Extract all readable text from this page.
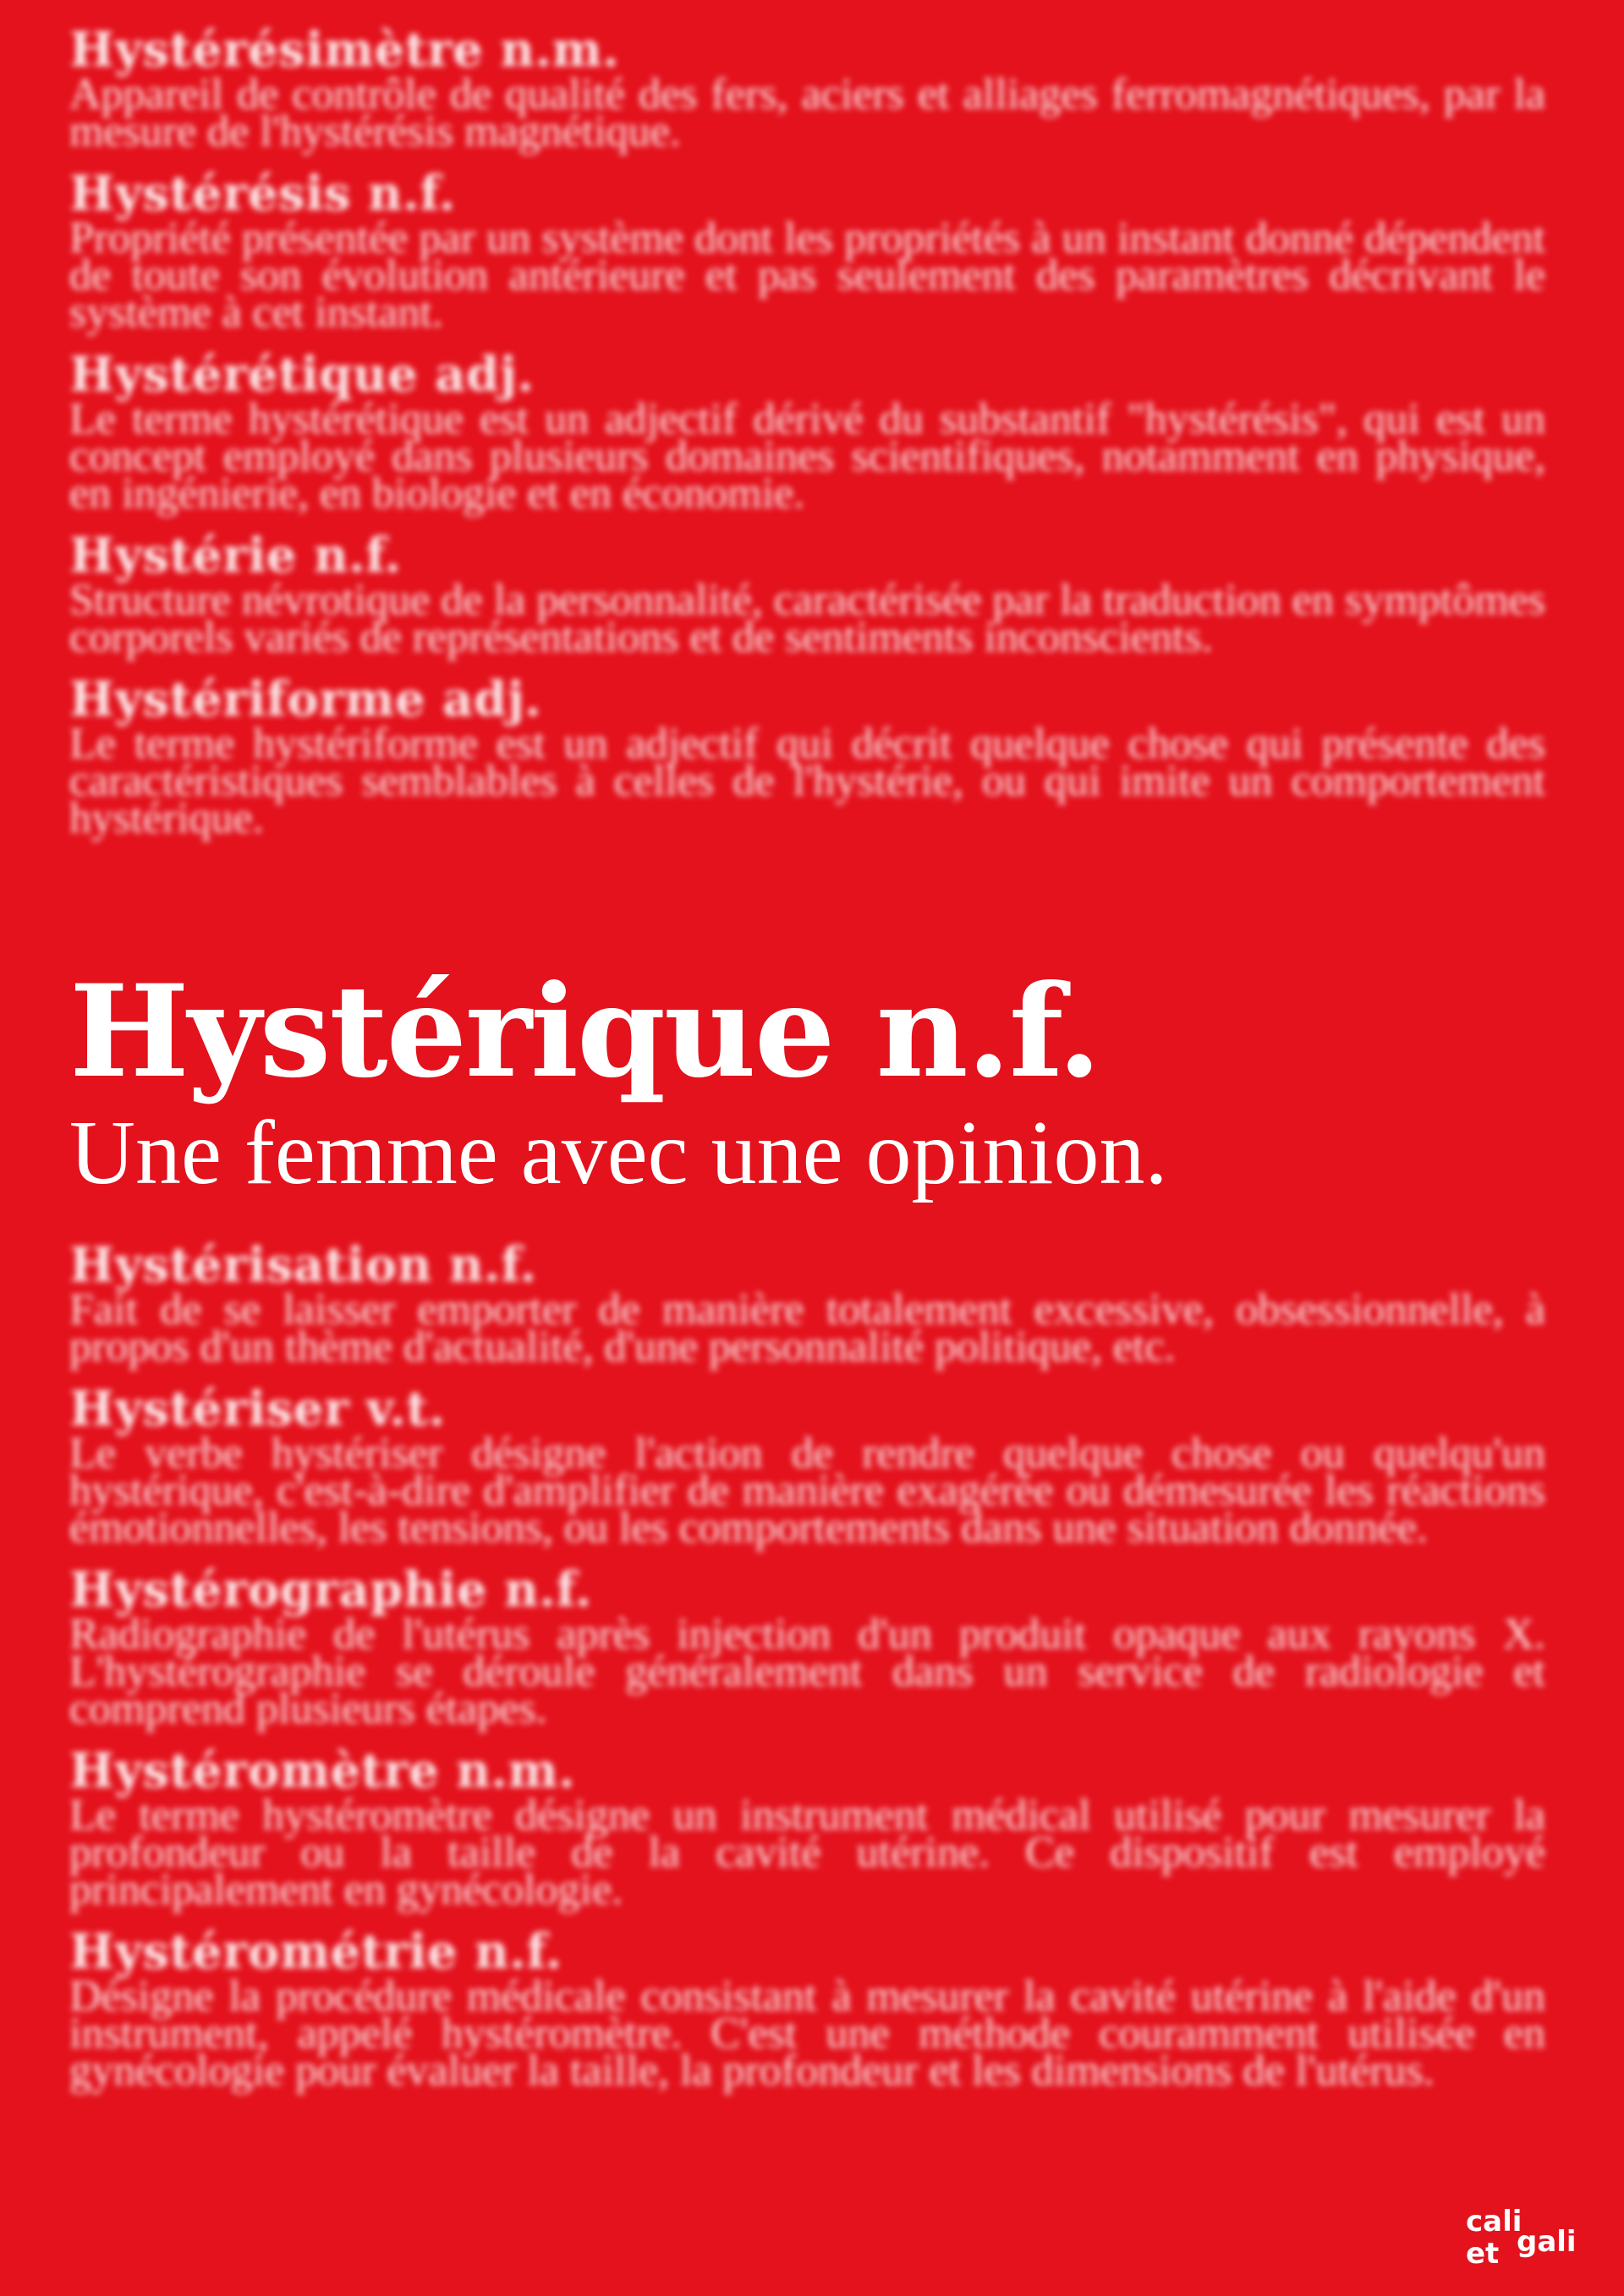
Hystérésimètre n.m.

Appareil de contrôle de qualité des fers, aciers et alliages ferromagnétiques, par la mesure de l'hystérésis magnétique.

Hystérésis n.f.

Propriété présentée par un système dont les propriétés à un instant donné dépendent de toute son évolution antérieure et pas seulement des paramètres décrivant le système à cet instant.

Hystérétique adj.

Le terme hystérétique est un adjectif dérivé du substantif "hystérésis", qui est un concept employé dans plusieurs domaines scientifiques, notamment en physique, en ingénierie, en biologie et en économie.

Hystérie n.f.

Structure névrotique de la personnalité, caractérisée par la traduction en symptômes corporels variés de représentations et de sentiments inconscients.

Hystériforme adj.

Le terme hystériforme est un adjectif qui décrit quelque chose qui présente des caractéristiques semblables à celles de l'hystérie, ou qui imite un comportement hystérique.

Hystérique n.f.

Une femme avec une opinion.

Hystérisation n.f.

Fait de se laisser emporter de manière totalement excessive, obsessionnelle, à propos d'un thème d'actualité, d'une personnalité politique, etc.

Hystériser v.t.

Le verbe hystériser désigne l'action de rendre quelque chose ou quelqu'un hystérique, c'est-à-dire d'amplifier de manière exagérée ou démesurée les réactions émotionnelles, les tensions, ou les comportements dans une situation donnée.

Hystérographie n.f.

Radiographie de l'utérus après injection d'un produit opaque aux rayons X. L'hystérographie se déroule généralement dans un service de radiologie et comprend plusieurs étapes.

Hystéromètre n.m.

Le terme hystéromètre désigne un instrument médical utilisé pour mesurer la profondeur ou la taille de la cavité utérine. Ce dispositif est employé principalement en gynécologie.

Hystérométrie n.f.

Désigne la procédure médicale consistant à mesurer la cavité utérine à l'aide d'un instrument, appelé hystéromètre. C'est une méthode couramment utilisée en gynécologie pour évaluer la taille, la profondeur et les dimensions de l'utérus.

cali
et gali
